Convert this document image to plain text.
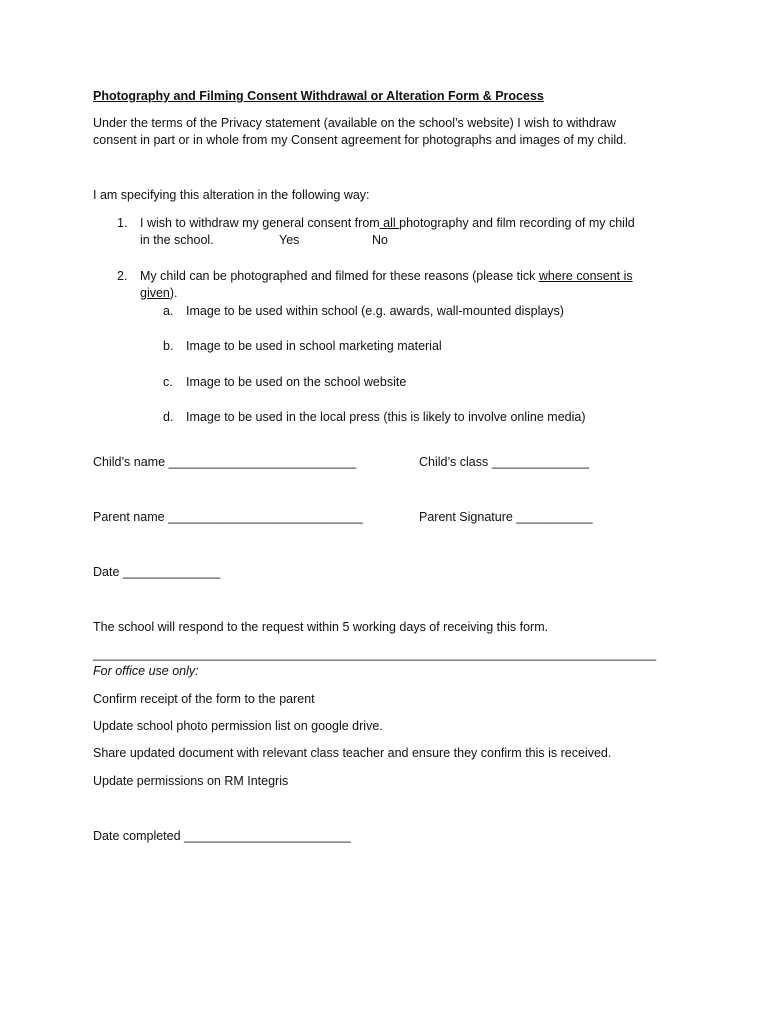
Photography and Filming Consent Withdrawal or Alteration Form & Process
Under the terms of the Privacy statement (available on the school’s website) I wish to withdraw
consent in part or in whole from my Consent agreement for photographs and images of my child.
I am specifying this alteration in the following way:
1. I wish to withdraw my general consent from all photography and film recording of my child
in the school.	Yes	No
2. My child can be photographed and filmed for these reasons (please tick where consent is
given).
a. Image to be used within school (e.g. awards, wall-mounted displays)
b. Image to be used in school marketing material
c. Image to be used on the school website
d. Image to be used in the local press (this is likely to involve online media)
Child’s name ___________________________	Child’s class ______________
Parent name ____________________________	Parent Signature ___________
Date ______________
The school will respond to the request within 5 working days of receiving this form.
_________________________________________________________________________________
For office use only:
Confirm receipt of the form to the parent
Update school photo permission list on google drive.
Share updated document with relevant class teacher and ensure they confirm this is received.
Update permissions on RM Integris
Date completed ________________________
